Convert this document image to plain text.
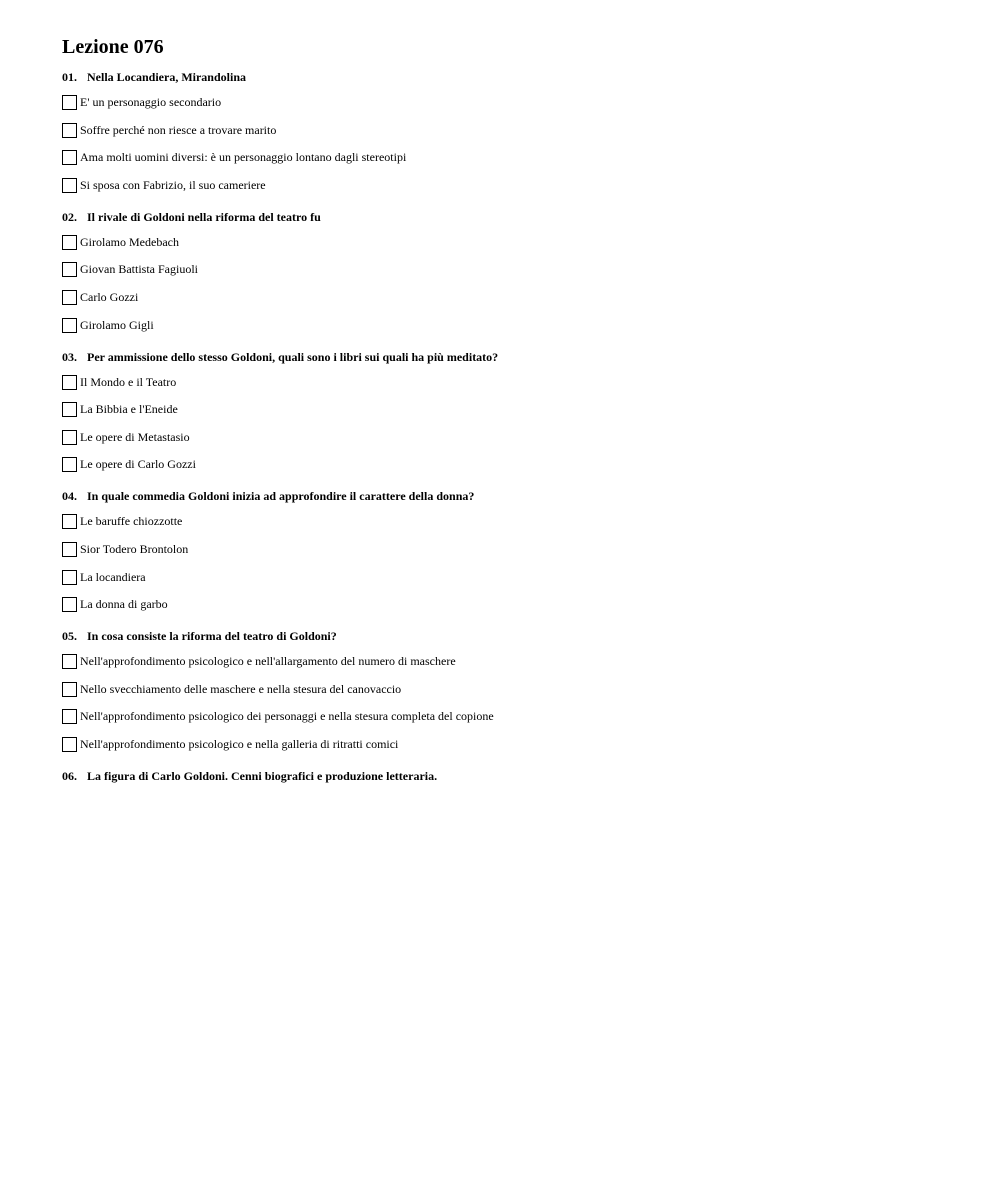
Lezione 076
01. Nella Locandiera, Mirandolina
E' un personaggio secondario
Soffre perché non riesce a trovare marito
Ama molti uomini diversi: è un personaggio lontano dagli stereotipi
Si sposa con Fabrizio, il suo cameriere
02. Il rivale di Goldoni nella riforma del teatro fu
Girolamo Medebach
Giovan Battista Fagiuoli
Carlo Gozzi
Girolamo Gigli
03. Per ammissione dello stesso Goldoni, quali sono i libri sui quali ha più meditato?
Il Mondo e il Teatro
La Bibbia e l'Eneide
Le opere di Metastasio
Le opere di Carlo Gozzi
04. In quale commedia Goldoni inizia ad approfondire il carattere della donna?
Le baruffe chiozzotte
Sior Todero Brontolon
La locandiera
La donna di garbo
05. In cosa consiste la riforma del teatro di Goldoni?
Nell'approfondimento psicologico e nell'allargamento del numero di maschere
Nello svecchiamento delle maschere e nella stesura del canovaccio
Nell'approfondimento psicologico dei personaggi e nella stesura completa del copione
Nell'approfondimento psicologico e nella galleria di ritratti comici
06. La figura di Carlo Goldoni. Cenni biografici e produzione letteraria.
